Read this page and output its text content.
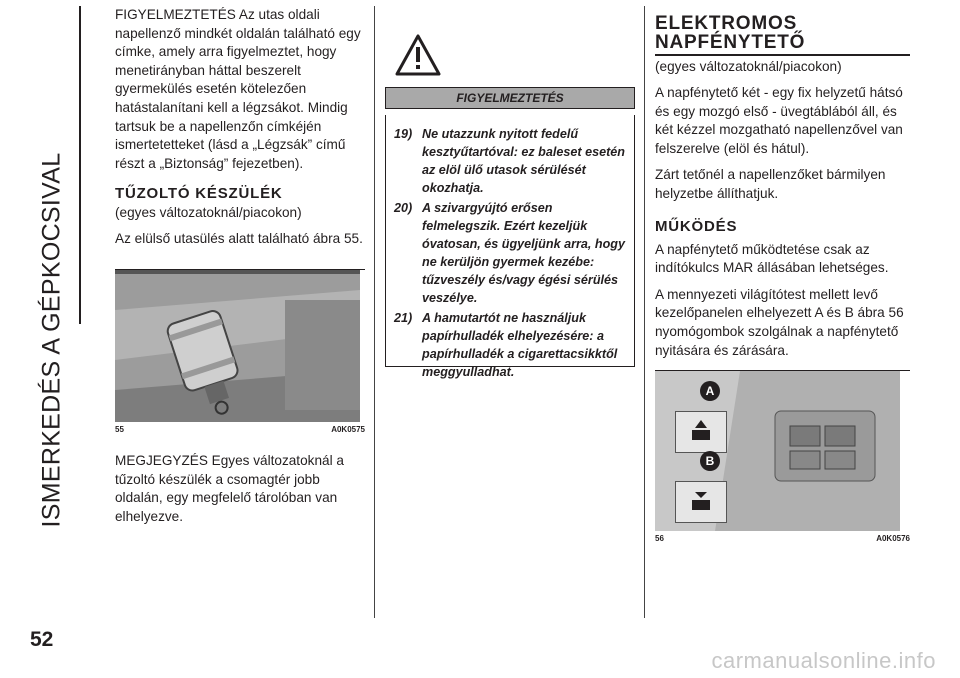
ISMERKEDÉS A GÉPKOCSIVAL
52

FIGYELMEZTETÉS Az utas oldali napellenző mindkét oldalán található egy címke, amely arra figyelmeztet, hogy menetirányban háttal beszerelt gyermekülés esetén kötelezően hatástalanítani kell a légzsákot. Mindig tartsuk be a napellenzőn címkéjén ismertetetteket (lásd a „Légzsák” című részt a „Biztonság” fejezetben).

TŰZOLTÓ KÉSZÜLÉK
(egyes változatoknál/piacokon)

Az elülső utasülés alatt található ábra 55.

55	A0K0575

MEGJEGYZÉS Egyes változatoknál a tűzoltó készülék a csomagtér jobb oldalán, egy megfelelő tárolóban van elhelyezve.

FIGYELMEZTETÉS
19) Ne utazzunk nyitott fedelű kesztyűtartóval: ez baleset esetén az elöl ülő utasok sérülését okozhatja.
20) A szivargyújtó erősen felmelegszik. Ezért kezeljük óvatosan, és ügyeljünk arra, hogy ne kerüljön gyermek kezébe: tűzveszély és/vagy égési sérülés veszélye.
21) A hamutartót ne használjuk papírhulladék elhelyezésére: a papírhulladék a cigarettacsikktől meggyulladhat.
ELEKTROMOS
NAPFÉNYTETŐ
(egyes változatoknál/piacokon)

A napfénytető két - egy fix helyzetű hátsó és egy mozgó első - üvegtáblából áll, és két kézzel mozgatható napellenzővel van felszerelve (elöl és hátul).

Zárt tetőnél a napellenzőket bármilyen helyzetbe állíthatjuk.

MŰKÖDÉS

A napfénytető működtetése csak az indítókulcs MAR állásában lehetséges.

A mennyezeti világítótest mellett levő kezelőpanelen elhelyezett A és B ábra 56 nyomógombok szolgálnak a napfénytető nyitására és zárására.

A
B
56	A0K0576
carmanualsonline.info
